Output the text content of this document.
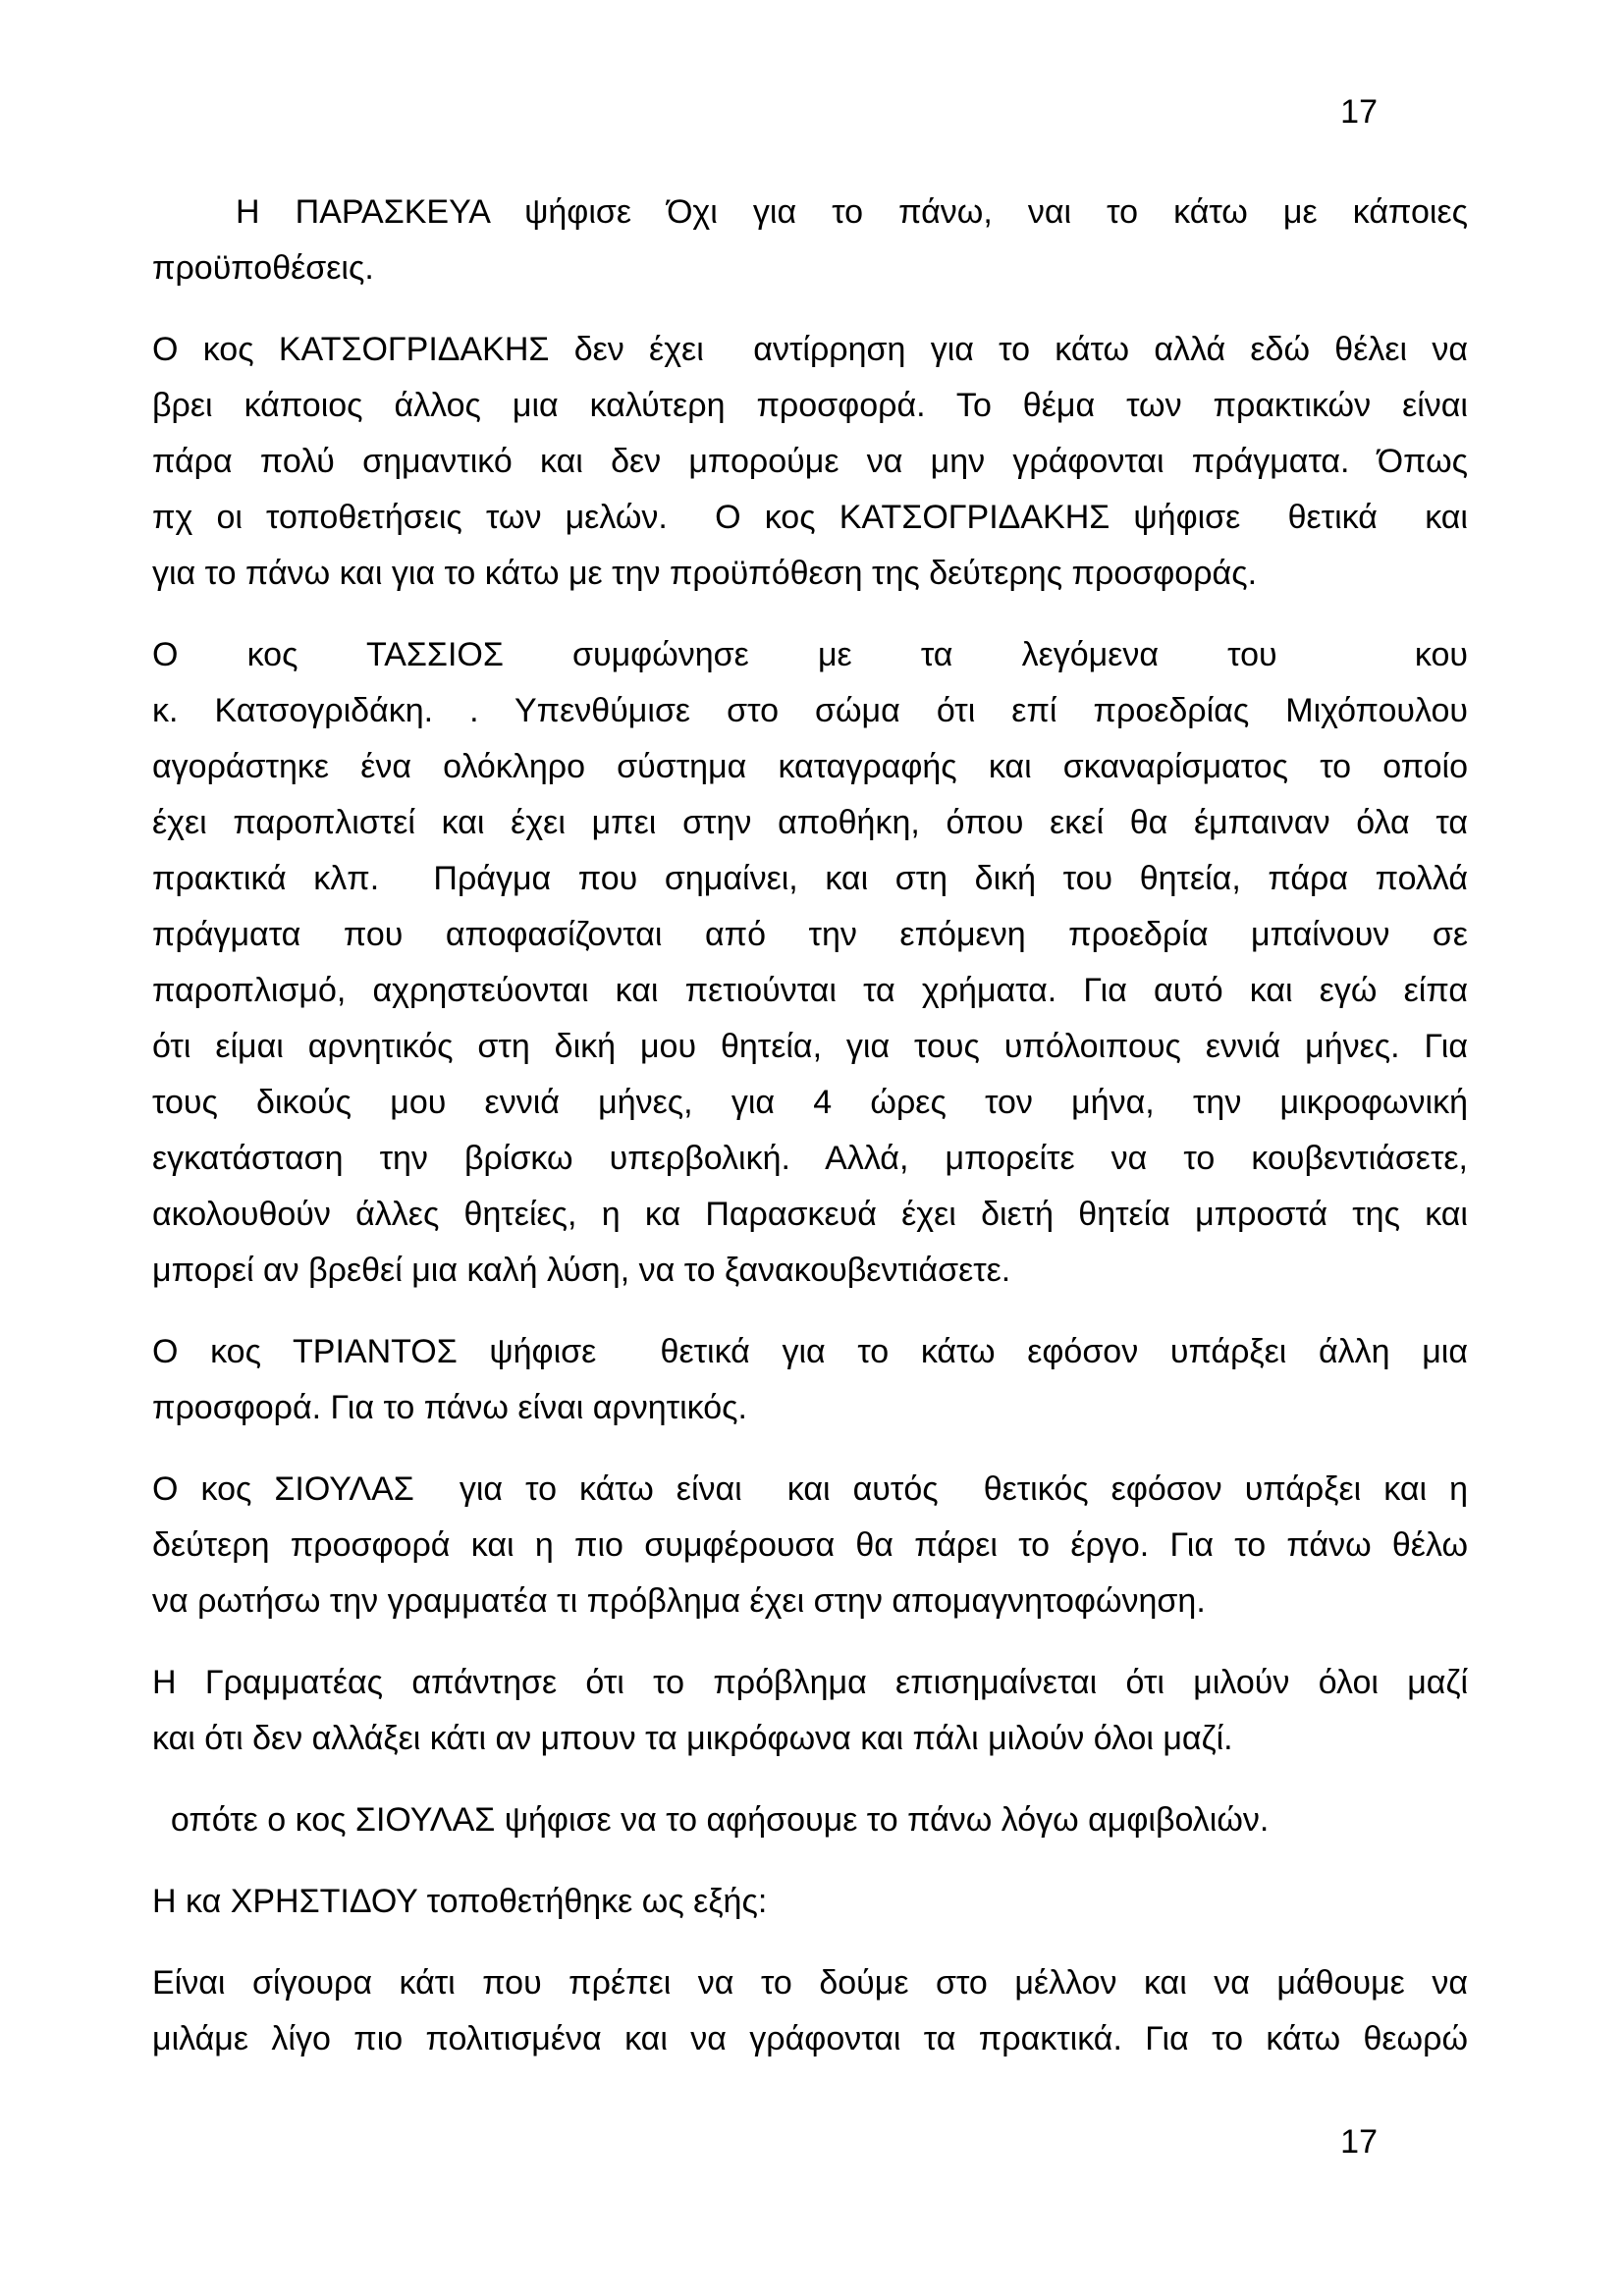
17

Η ΠΑΡΑΣΚΕΥΑ ψήφισε Όχι για το πάνω, ναι το κάτω με κάποιες
προϋποθέσεις.

Ο κος ΚΑΤΣΟΓΡΙΔΑΚΗΣ δεν έχει  αντίρρηση για το κάτω αλλά εδώ θέλει να
βρει κάποιος άλλος μια καλύτερη προσφορά. Το θέμα των πρακτικών είναι
πάρα πολύ σημαντικό και δεν μπορούμε να μην γράφονται πράγματα. Όπως
πχ οι τοποθετήσεις των μελών.  Ο κος ΚΑΤΣΟΓΡΙΔΑΚΗΣ ψήφισε  θετικά  και
για το πάνω και για το κάτω με την προϋπόθεση της δεύτερης προσφοράς.

Ο κος ΤΑΣΣΙΟΣ συμφώνησε με τα λεγόμενα του  κου
κ. Κατσογριδάκη. . Υπενθύμισε στο σώμα ότι επί προεδρίας Μιχόπουλου
αγοράστηκε ένα ολόκληρο σύστημα καταγραφής και σκαναρίσματος το οποίο
έχει παροπλιστεί και έχει μπει στην αποθήκη, όπου εκεί θα έμπαιναν όλα τα
πρακτικά κλπ.  Πράγμα που σημαίνει, και στη δική του θητεία, πάρα πολλά
πράγματα που αποφασίζονται από την επόμενη προεδρία μπαίνουν σε
παροπλισμό, αχρηστεύονται και πετιούνται τα χρήματα. Για αυτό και εγώ είπα
ότι είμαι αρνητικός στη δική μου θητεία, για τους υπόλοιπους εννιά μήνες. Για
τους δικούς μου εννιά μήνες, για 4 ώρες τον μήνα, την μικροφωνική
εγκατάσταση την βρίσκω υπερβολική. Αλλά, μπορείτε να το κουβεντιάσετε,
ακολουθούν άλλες θητείες, η κα Παρασκευά έχει διετή θητεία μπροστά της και
μπορεί αν βρεθεί μια καλή λύση, να το ξανακουβεντιάσετε.

Ο κος ΤΡΙΑΝΤΟΣ ψήφισε  θετικά για το κάτω εφόσον υπάρξει άλλη μια
προσφορά. Για το πάνω είναι αρνητικός.

Ο κος ΣΙΟΥΛΑΣ  για το κάτω είναι  και αυτός  θετικός εφόσον υπάρξει και η
δεύτερη προσφορά και η πιο συμφέρουσα θα πάρει το έργο. Για το πάνω θέλω
να ρωτήσω την γραμματέα τι πρόβλημα έχει στην απομαγνητοφώνηση.

Η Γραμματέας απάντησε ότι το πρόβλημα επισημαίνεται ότι μιλούν όλοι μαζί
και ότι δεν αλλάξει κάτι αν μπουν τα μικρόφωνα και πάλι μιλούν όλοι μαζί.

οπότε ο κος ΣΙΟΥΛΑΣ ψήφισε να το αφήσουμε το πάνω λόγω αμφιβολιών.

Η κα ΧΡΗΣΤΙΔΟΥ τοποθετήθηκε ως εξής:

Είναι σίγουρα κάτι που πρέπει να το δούμε στο μέλλον και να μάθουμε να
μιλάμε λίγο πιο πολιτισμένα και να γράφονται τα πρακτικά. Για το κάτω θεωρώ

17
